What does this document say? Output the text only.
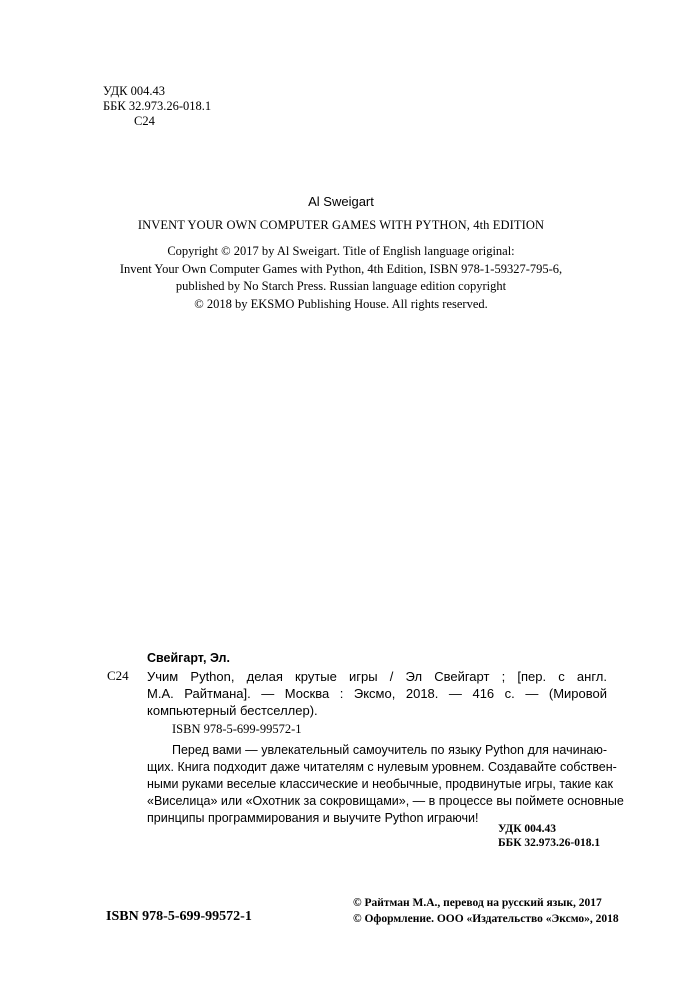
УДК 004.43
ББК 32.973.26-018.1
С24
Al Sweigart
INVENT YOUR OWN COMPUTER GAMES WITH PYTHON, 4th EDITION
Copyright © 2017 by Al Sweigart. Title of English language original:
Invent Your Own Computer Games with Python, 4th Edition, ISBN 978-1-59327-795-6,
published by No Starch Press. Russian language edition copyright
© 2018 by EKSMO Publishing House. All rights reserved.
Свейгарт, Эл.
С24 Учим Python, делая крутые игры / Эл Свейгарт ; [пер. с англ.
М.А. Райтмана]. — Москва : Эксмо, 2018. — 416 с. — (Мировой
компьютерный бестселлер).
ISBN 978-5-699-99572-1
Перед вами — увлекательный самоучитель по языку Python для начинаю-
щих. Книга подходит даже читателям с нулевым уровнем. Создавайте собствен-
ными руками веселые классические и необычные, продвинутые игры, такие как
«Виселица» или «Охотник за сокровищами», — в процессе вы поймете основные
принципы программирования и выучите Python играючи!
УДК 004.43
ББК 32.973.26-018.1
ISBN 978-5-699-99572-1
© Райтман М.А., перевод на русский язык, 2017
© Оформление. ООО «Издательство «Эксмо», 2018
